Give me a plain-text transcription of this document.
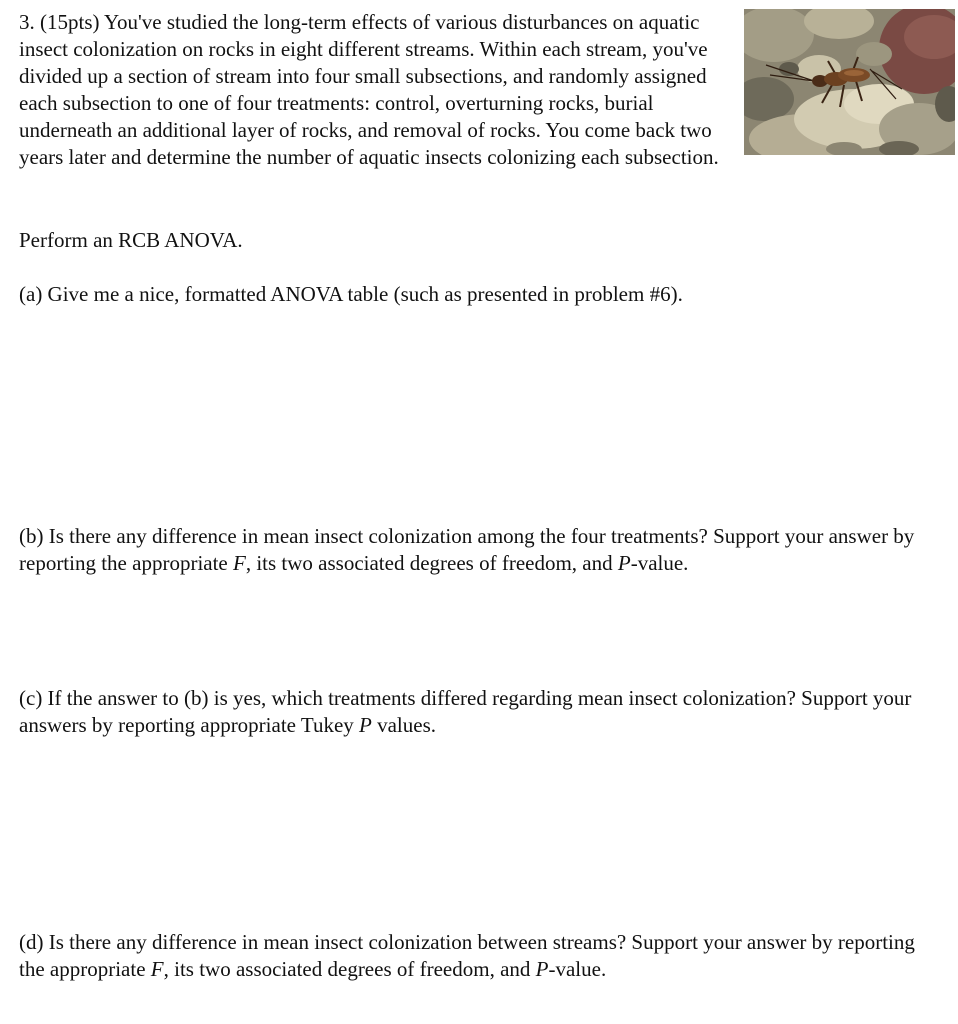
3. (15pts) You've studied the long-term effects of various disturbances on aquatic insect colonization on rocks in eight different streams. Within each stream, you've divided up a section of stream into four small subsections, and randomly assigned each subsection to one of four treatments: control, overturning rocks, burial underneath an additional layer of rocks, and removal of rocks. You come back two years later and determine the number of aquatic insects colonizing each subsection.

Perform an RCB ANOVA.

(a) Give me a nice, formatted ANOVA table (such as presented in problem #6).

(b) Is there any difference in mean insect colonization among the four treatments? Support your answer by reporting the appropriate F, its two associated degrees of freedom, and P-value.

(c) If the answer to (b) is yes, which treatments differed regarding mean insect colonization? Support your answers by reporting appropriate Tukey P values.

(d) Is there any difference in mean insect colonization between streams? Support your answer by reporting the appropriate F, its two associated degrees of freedom, and P-value.
